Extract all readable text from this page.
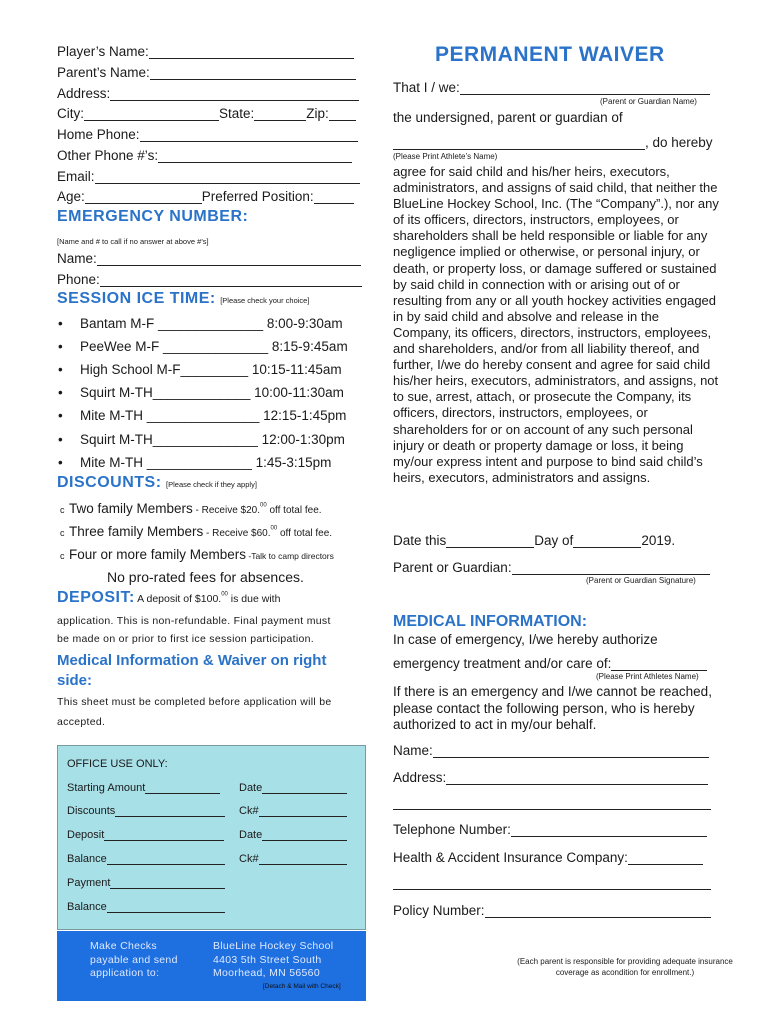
Player’s Name:
Parent’s Name:
Address:
City:	State:	Zip:
Home Phone:
Other Phone #’s:
Email:
Age:	Preferred Position:
EMERGENCY NUMBER:
[Name and # to call if no answer at above #’s]
Name:
Phone:
SESSION ICE TIME: [Please check your choice]
• Bantam M-F ______________ 8:00-9:30am
• PeeWee M-F ______________ 8:15-9:45am
• High School M-F_________ 10:15-11:45am
• Squirt M-TH_____________ 10:00-11:30am
• Mite M-TH _______________ 12:15-1:45pm
• Squirt M-TH______________ 12:00-1:30pm
• Mite M-TH ______________ 1:45-3:15pm
DISCOUNTS: [Please check if they apply]
c Two family Members - Receive $20.00 off total fee.
c Three family Members - Receive $60.00 off total fee.
c Four or more family Members -Talk to camp directors
No pro-rated fees for absences.
DEPOSIT: A deposit of $100.00 is due with
application. This is non-refundable. Final payment must
be made on or prior to first ice session participation.
Medical Information & Waiver on right side:
This sheet must be completed before application will be
accepted.
OFFICE USE ONLY:
Starting Amount	Date
Discounts	Ck#
Deposit	Date
Balance	Ck#
Payment
Balance
Make Checks
payable and send
application to:
BlueLine Hockey School
4403 5th Street South
Moorhead, MN 56560
[Detach & Mail with Check]
PERMANENT WAIVER
That I / we:
(Parent or Guardian Name)
the undersigned, parent or guardian of
, do hereby
(Please Print Athlete’s Name)
agree for said child and his/her heirs, executors, administrators, and assigns of said child, that neither the BlueLine Hockey School, Inc. (The “Company”.), nor any of its officers, directors, instructors, employees, or shareholders shall be held responsible or liable for any negligence implied or otherwise, or personal injury, or death, or property loss, or damage suffered or sustained by said child in connection with or arising out of or resulting from any or all youth hockey activities engaged in by said child and absolve and release in the Company, its officers, directors, instructors, employees, and shareholders, and/or from all liability thereof, and further, I/we do hereby consent and agree for said child his/her heirs, executors, administrators, and assigns, not to sue, arrest, attach, or prosecute the Company, its officers, directors, instructors, employees, or shareholders for or on account of any such personal injury or death or property damage or loss, it being my/our express intent and purpose to bind said child’s heirs, executors, administrators and assigns.
Date this	Day of	2019.
Parent or Guardian:
(Parent or Guardian Signature)
MEDICAL INFORMATION:
In case of emergency, I/we hereby authorize
emergency treatment and/or care of:
(Please Print Athletes Name)
If there is an emergency and I/we cannot be reached, please contact the following person, who is hereby authorized to act in my/our behalf.
Name:
Address:
Telephone Number:
Health & Accident Insurance Company:
Policy Number:
(Each parent is responsible for providing adequate insurance coverage as acondition for enrollment.)
